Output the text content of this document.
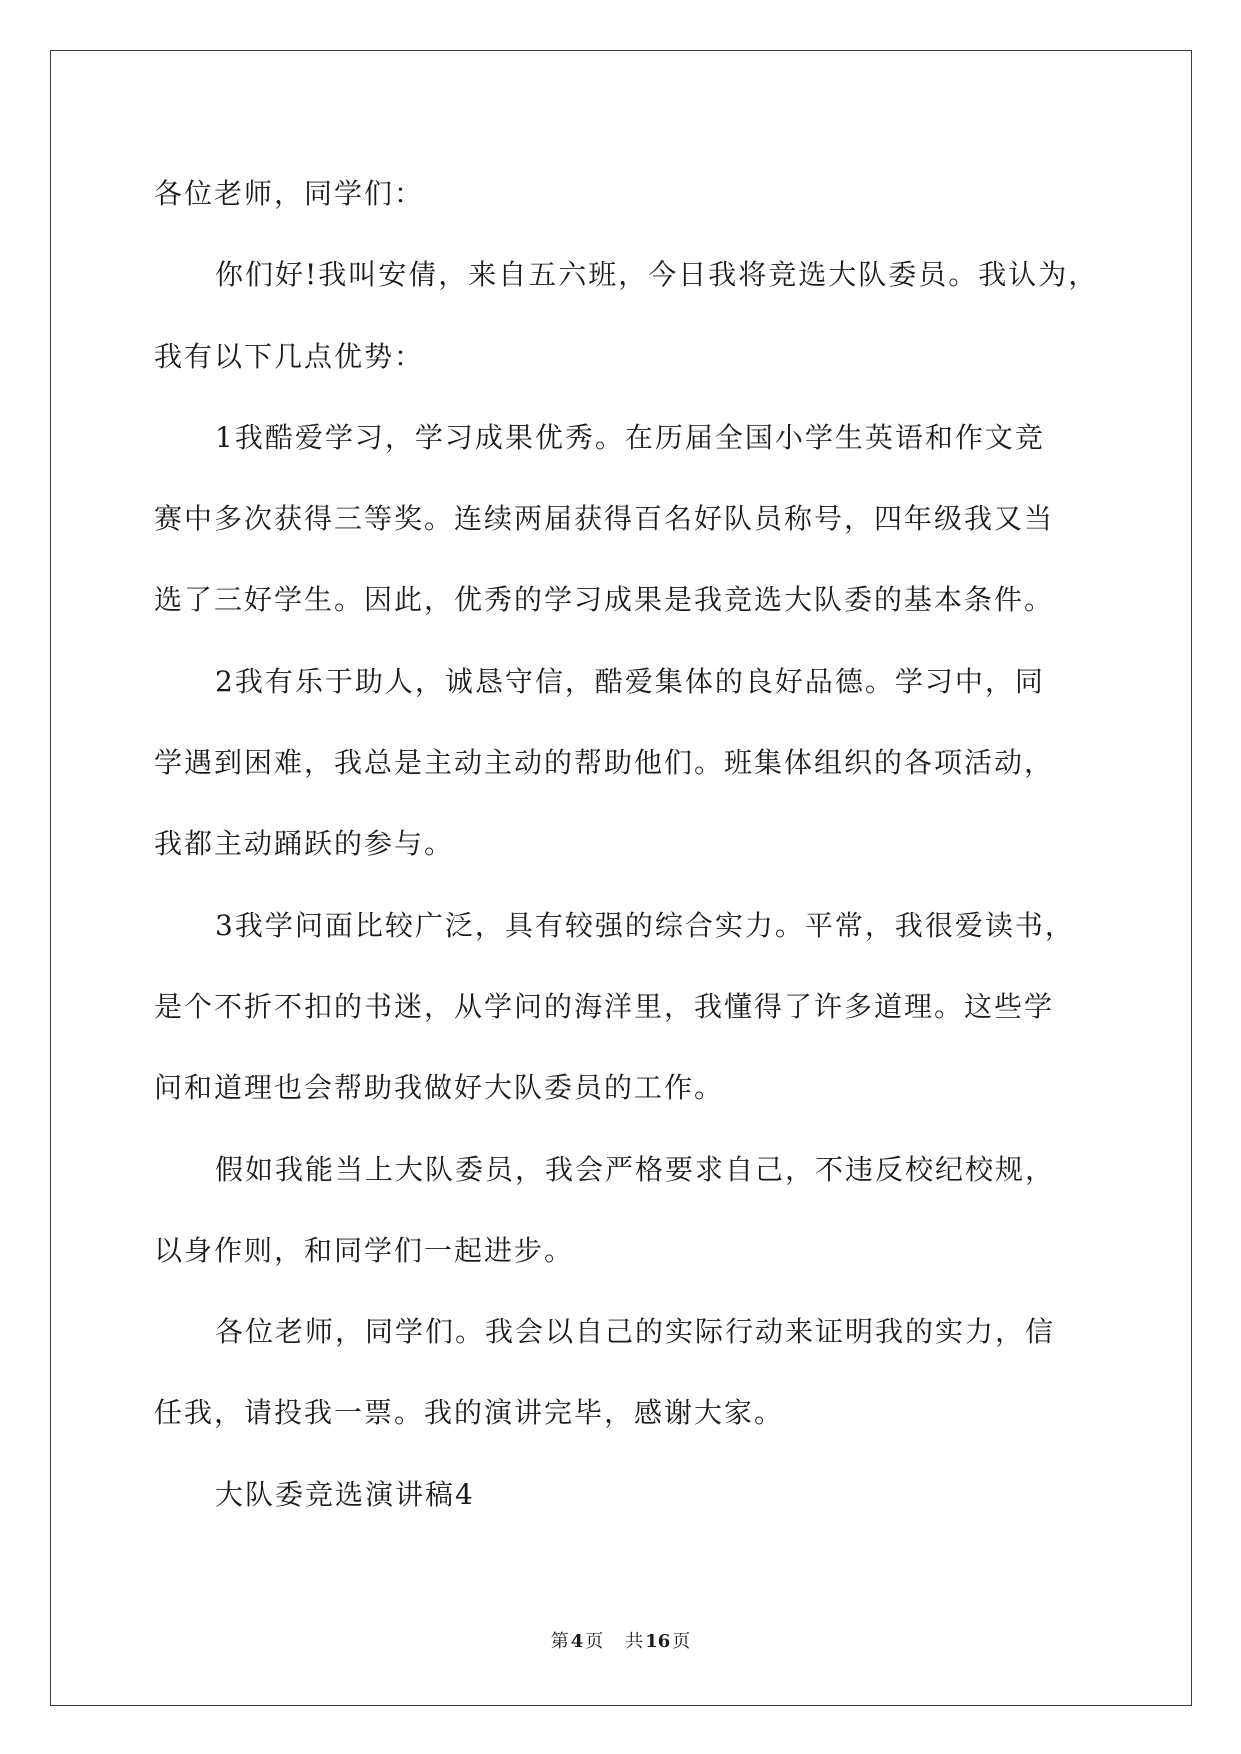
各位老师，同学们：
你们好!我叫安倩，来自五六班，今日我将竞选大队委员。我认为，
我有以下几点优势：
1我酷爱学习，学习成果优秀。在历届全国小学生英语和作文竞
赛中多次获得三等奖。连续两届获得百名好队员称号，四年级我又当
选了三好学生。因此，优秀的学习成果是我竞选大队委的基本条件。
2我有乐于助人，诚恳守信，酷爱集体的良好品德。学习中，同
学遇到困难，我总是主动主动的帮助他们。班集体组织的各项活动，
我都主动踊跃的参与。
3我学问面比较广泛，具有较强的综合实力。平常，我很爱读书，
是个不折不扣的书迷，从学问的海洋里，我懂得了许多道理。这些学
问和道理也会帮助我做好大队委员的工作。
假如我能当上大队委员，我会严格要求自己，不违反校纪校规，
以身作则，和同学们一起进步。
各位老师，同学们。我会以自己的实际行动来证明我的实力，信
任我，请投我一票。我的演讲完毕，感谢大家。
大队委竞选演讲稿4
第 4 页 共 16 页
